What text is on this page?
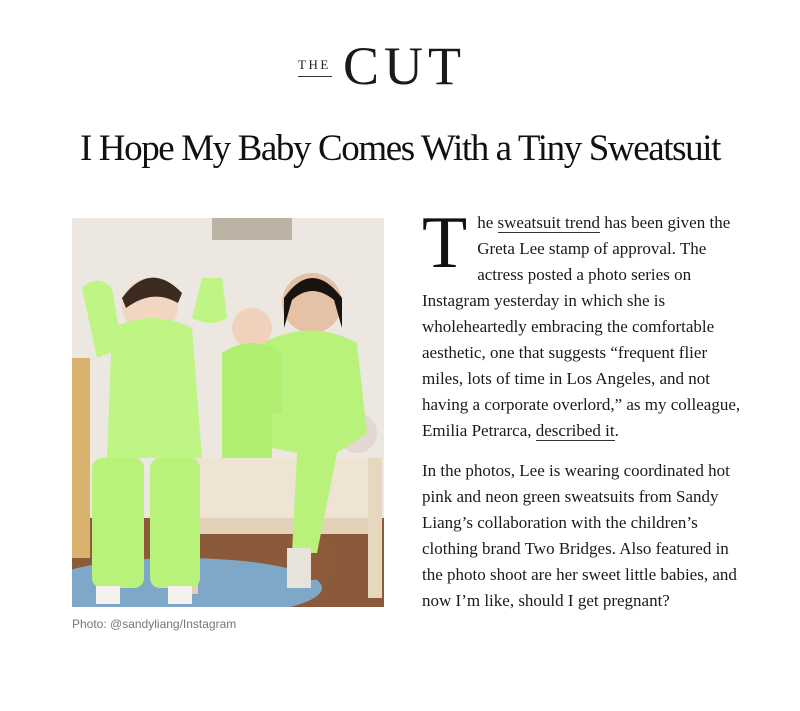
THE CUT
I Hope My Baby Comes With a Tiny Sweatsuit
Photo: @sandyliang/Instagram

The sweatsuit trend has been given the Greta Lee stamp of approval. The actress posted a photo series on Instagram yesterday in which she is wholeheartedly embracing the comfortable aesthetic, one that suggests “frequent flier miles, lots of time in Los Angeles, and not having a corporate overlord,” as my colleague, Emilia Petrarca, described it.

In the photos, Lee is wearing coordinated hot pink and neon green sweatsuits from Sandy Liang’s collaboration with the children’s clothing brand Two Bridges. Also featured in the photo shoot are her sweet little babies, and now I’m like, should I get pregnant?
